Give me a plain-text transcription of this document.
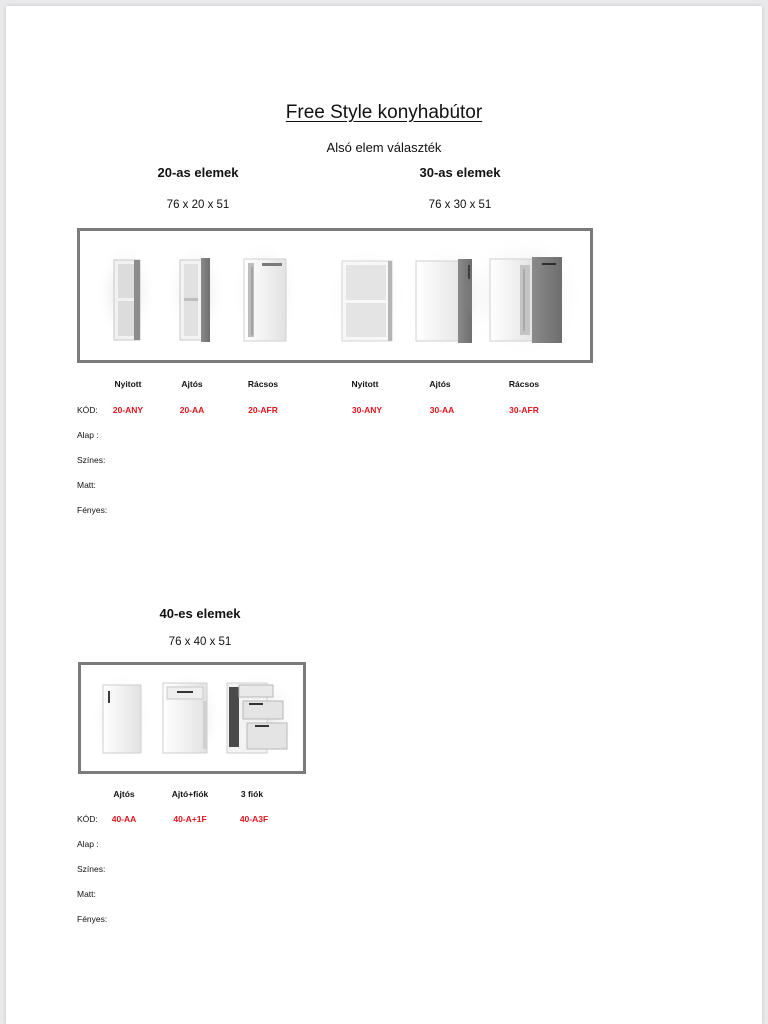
Free Style konyhabútor
Alsó elem választék
20-as elemek
76 x 20 x 51
30-as elemek
76 x 30 x 51
Nyitott	Ajtós	Rácsos	Nyitott	Ajtós	Rácsos
KÓD:	20-ANY	20-AA	20-AFR	30-ANY	30-AA	30-AFR
Alap :
Színes:
Matt:
Fényes:
40-es elemek
76 x 40 x 51
Ajtós	Ajtó+fiók	3 fiók
KÓD:	40-AA	40-A+1F	40-A3F
Alap :
Színes:
Matt:
Fényes:
